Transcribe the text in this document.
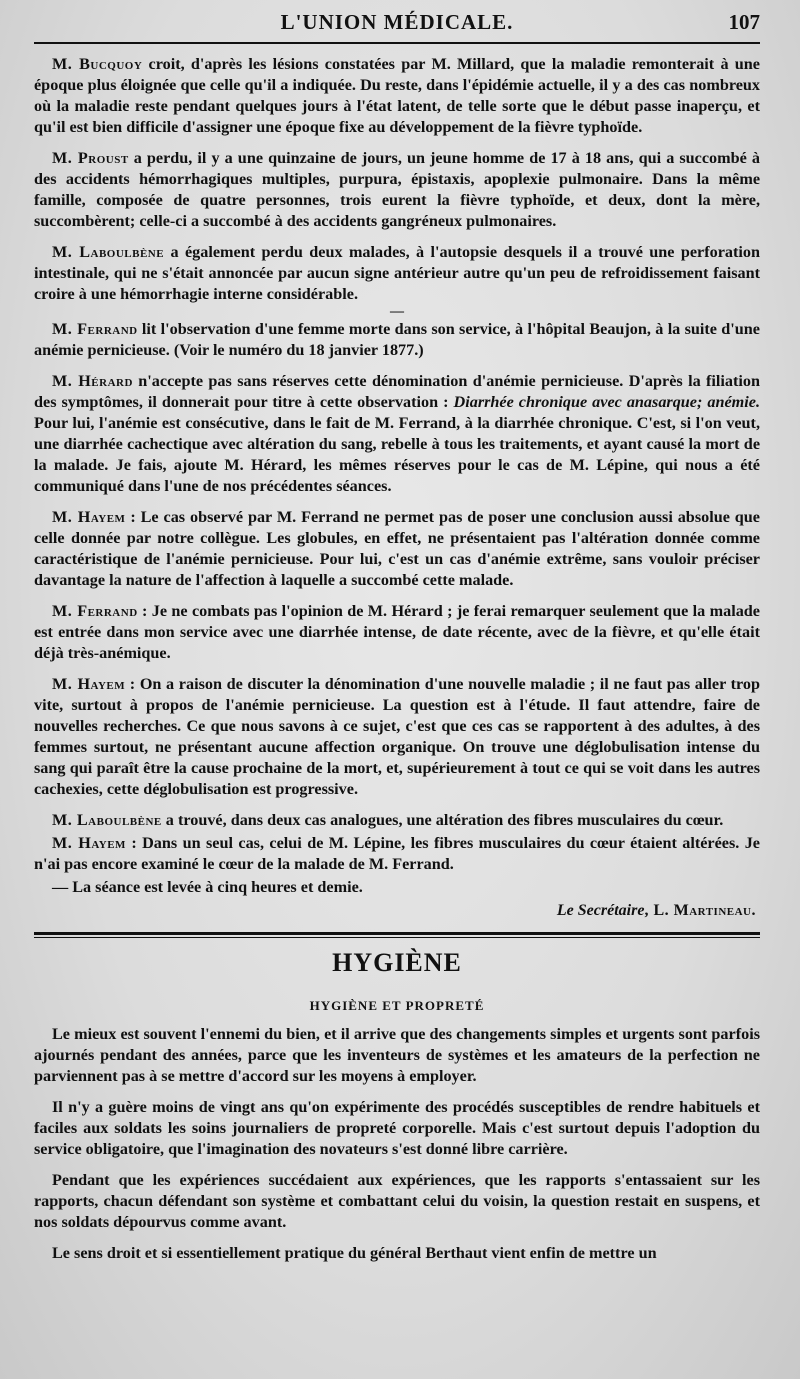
L'UNION MÉDICALE.	107

M. Bucquoy croit, d'après les lésions constatées par M. Millard, que la maladie remonterait à une époque plus éloignée que celle qu'il a indiquée. Du reste, dans l'épidémie actuelle, il y a des cas nombreux où la maladie reste pendant quelques jours à l'état latent, de telle sorte que le début passe inaperçu, et qu'il est bien difficile d'assigner une époque fixe au développement de la fièvre typhoïde.

M. Proust a perdu, il y a une quinzaine de jours, un jeune homme de 17 à 18 ans, qui a succombé à des accidents hémorrhagiques multiples, purpura, épistaxis, apoplexie pulmonaire. Dans la même famille, composée de quatre personnes, trois eurent la fièvre typhoïde, et deux, dont la mère, succombèrent; celle-ci a succombé à des accidents gangréneux pulmonaires.

M. Laboulbène a également perdu deux malades, à l'autopsie desquels il a trouvé une perforation intestinale, qui ne s'était annoncée par aucun signe antérieur autre qu'un peu de refroidissement faisant croire à une hémorrhagie interne considérable.

—

M. Ferrand lit l'observation d'une femme morte dans son service, à l'hôpital Beaujon, à la suite d'une anémie pernicieuse. (Voir le numéro du 18 janvier 1877.)

M. Hérard n'accepte pas sans réserves cette dénomination d'anémie pernicieuse. D'après la filiation des symptômes, il donnerait pour titre à cette observation : Diarrhée chronique avec anasarque; anémie. Pour lui, l'anémie est consécutive, dans le fait de M. Ferrand, à la diarrhée chronique. C'est, si l'on veut, une diarrhée cachectique avec altération du sang, rebelle à tous les traitements, et ayant causé la mort de la malade. Je fais, ajoute M. Hérard, les mêmes réserves pour le cas de M. Lépine, qui nous a été communiqué dans l'une de nos précédentes séances.

M. Hayem : Le cas observé par M. Ferrand ne permet pas de poser une conclusion aussi absolue que celle donnée par notre collègue. Les globules, en effet, ne présentaient pas l'altération donnée comme caractéristique de l'anémie pernicieuse. Pour lui, c'est un cas d'anémie extrême, sans vouloir préciser davantage la nature de l'affection à laquelle a succombé cette malade.

M. Ferrand : Je ne combats pas l'opinion de M. Hérard ; je ferai remarquer seulement que la malade est entrée dans mon service avec une diarrhée intense, de date récente, avec de la fièvre, et qu'elle était déjà très-anémique.

M. Hayem : On a raison de discuter la dénomination d'une nouvelle maladie ; il ne faut pas aller trop vite, surtout à propos de l'anémie pernicieuse. La question est à l'étude. Il faut attendre, faire de nouvelles recherches. Ce que nous savons à ce sujet, c'est que ces cas se rapportent à des adultes, à des femmes surtout, ne présentant aucune affection organique. On trouve une déglobulisation intense du sang qui paraît être la cause prochaine de la mort, et, supérieurement à tout ce qui se voit dans les autres cachexies, cette déglobulisation est progressive.

M. Laboulbène a trouvé, dans deux cas analogues, une altération des fibres musculaires du cœur.

M. Hayem : Dans un seul cas, celui de M. Lépine, les fibres musculaires du cœur étaient altérées. Je n'ai pas encore examiné le cœur de la malade de M. Ferrand.

— La séance est levée à cinq heures et demie.

Le Secrétaire, L. Martineau.
HYGIÈNE
HYGIÈNE ET PROPRETÉ

Le mieux est souvent l'ennemi du bien, et il arrive que des changements simples et urgents sont parfois ajournés pendant des années, parce que les inventeurs de systèmes et les amateurs de la perfection ne parviennent pas à se mettre d'accord sur les moyens à employer.

Il n'y a guère moins de vingt ans qu'on expérimente des procédés susceptibles de rendre habituels et faciles aux soldats les soins journaliers de propreté corporelle. Mais c'est surtout depuis l'adoption du service obligatoire, que l'imagination des novateurs s'est donné libre carrière.

Pendant que les expériences succédaient aux expériences, que les rapports s'entassaient sur les rapports, chacun défendant son système et combattant celui du voisin, la question restait en suspens, et nos soldats dépourvus comme avant.

Le sens droit et si essentiellement pratique du général Berthaut vient enfin de mettre un
